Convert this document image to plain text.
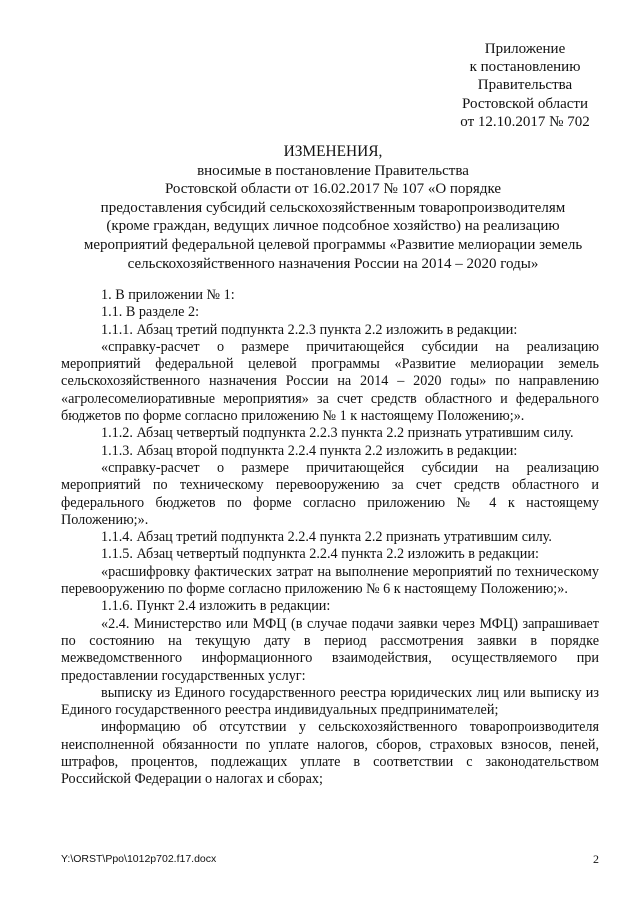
Приложение
к постановлению
Правительства
Ростовской области
от 12.10.2017 № 702
ИЗМЕНЕНИЯ,
вносимые в постановление Правительства
Ростовской области от 16.02.2017 № 107 «О порядке
предоставления субсидий сельскохозяйственным товаропроизводителям
(кроме граждан, ведущих личное подсобное хозяйство) на реализацию
мероприятий федеральной целевой программы «Развитие мелиорации земель
сельскохозяйственного назначения России на 2014 – 2020 годы»

1. В приложении № 1:

1.1. В разделе 2:

1.1.1. Абзац третий подпункта 2.2.3 пункта 2.2 изложить в редакции:

«справку-расчет о размере причитающейся субсидии на реализацию мероприятий федеральной целевой программы «Развитие мелиорации земель сельскохозяйственного назначения России на 2014 – 2020 годы» по направлению «агролесомелиоративные мероприятия» за счет средств областного и федерального бюджетов по форме согласно приложению № 1 к настоящему Положению;».

1.1.2. Абзац четвертый подпункта 2.2.3 пункта 2.2 признать утратившим силу.

1.1.3. Абзац второй подпункта 2.2.4 пункта 2.2 изложить в редакции:

«справку-расчет о размере причитающейся субсидии на реализацию мероприятий по техническому перевооружению за счет средств областного и федерального бюджетов по форме согласно приложению № 4 к настоящему Положению;».

1.1.4. Абзац третий подпункта 2.2.4 пункта 2.2 признать утратившим силу.

1.1.5. Абзац четвертый подпункта 2.2.4 пункта 2.2 изложить в редакции:

«расшифровку фактических затрат на выполнение мероприятий по техническому перевооружению по форме согласно приложению № 6 к настоящему Положению;».

1.1.6. Пункт 2.4 изложить в редакции:

«2.4. Министерство или МФЦ (в случае подачи заявки через МФЦ) запрашивает по состоянию на текущую дату в период рассмотрения заявки в порядке межведомственного информационного взаимодействия, осуществляемого при предоставлении государственных услуг:

выписку из Единого государственного реестра юридических лиц или выписку из Единого государственного реестра индивидуальных предпринимателей;

информацию об отсутствии у сельскохозяйственного товаропроизводителя неисполненной обязанности по уплате налогов, сборов, страховых взносов, пеней, штрафов, процентов, подлежащих уплате в соответствии с законодательством Российской Федерации о налогах и сборах;

Y:\ORST\Ppo\1012p702.f17.docx	2
